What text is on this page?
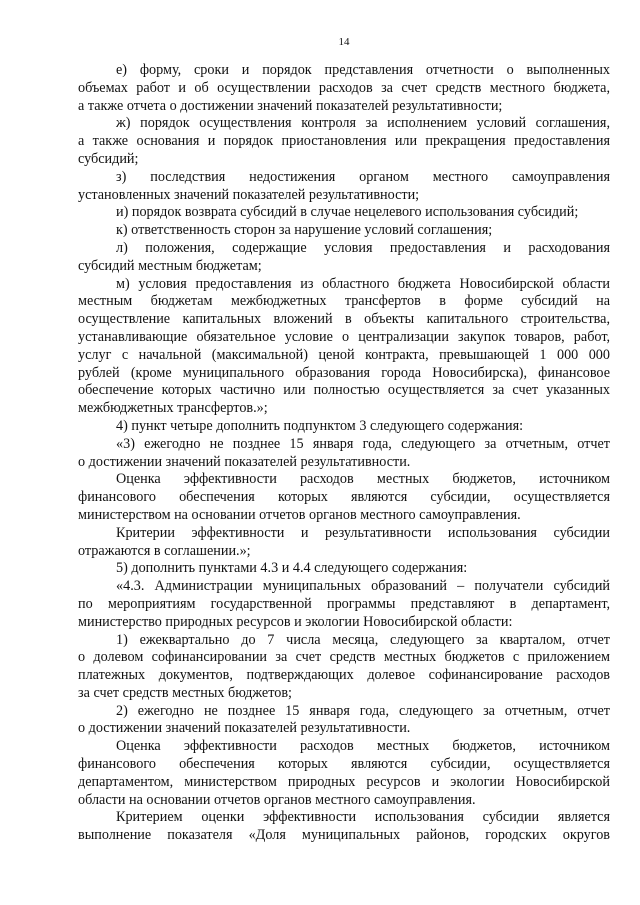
14
е) форму, сроки и порядок представления отчетности о выполненных
объемах работ и об осуществлении расходов за счет средств местного бюджета,
а также отчета о достижении значений показателей результативности;
ж) порядок осуществления контроля за исполнением условий соглашения,
а также основания и порядок приостановления или прекращения предоставления
субсидий;
з) последствия недостижения органом местного самоуправления
установленных значений показателей результативности;
и) порядок возврата субсидий в случае нецелевого использования субсидий;
к) ответственность сторон за нарушение условий соглашения;
л) положения, содержащие условия предоставления и расходования
субсидий местным бюджетам;
м) условия предоставления из областного бюджета Новосибирской области
местным бюджетам межбюджетных трансфертов в форме субсидий на
осуществление капитальных вложений в объекты капитального строительства,
устанавливающие обязательное условие о централизации закупок товаров, работ,
услуг с начальной (максимальной) ценой контракта, превышающей 1 000 000
рублей (кроме муниципального образования города Новосибирска), финансовое
обеспечение которых частично или полностью осуществляется за счет указанных
межбюджетных трансфертов.»;
4) пункт четыре дополнить подпунктом 3 следующего содержания:
«3) ежегодно не позднее 15 января года, следующего за отчетным, отчет
о достижении значений показателей результативности.
Оценка эффективности расходов местных бюджетов, источником
финансового обеспечения которых являются субсидии, осуществляется
министерством на основании отчетов органов местного самоуправления.
Критерии эффективности и результативности использования субсидии
отражаются в соглашении.»;
5) дополнить пунктами 4.3 и 4.4 следующего содержания:
«4.3. Администрации муниципальных образований – получатели субсидий
по мероприятиям государственной программы представляют в департамент,
министерство природных ресурсов и экологии Новосибирской области:
1) ежеквартально до 7 числа месяца, следующего за кварталом, отчет
о долевом софинансировании за счет средств местных бюджетов с приложением
платежных документов, подтверждающих долевое софинансирование расходов
за счет средств местных бюджетов;
2) ежегодно не позднее 15 января года, следующего за отчетным, отчет
о достижении значений показателей результативности.
Оценка эффективности расходов местных бюджетов, источником
финансового обеспечения которых являются субсидии, осуществляется
департаментом, министерством природных ресурсов и экологии Новосибирской
области на основании отчетов органов местного самоуправления.
Критерием оценки эффективности использования субсидии является
выполнение показателя «Доля муниципальных районов, городских округов
